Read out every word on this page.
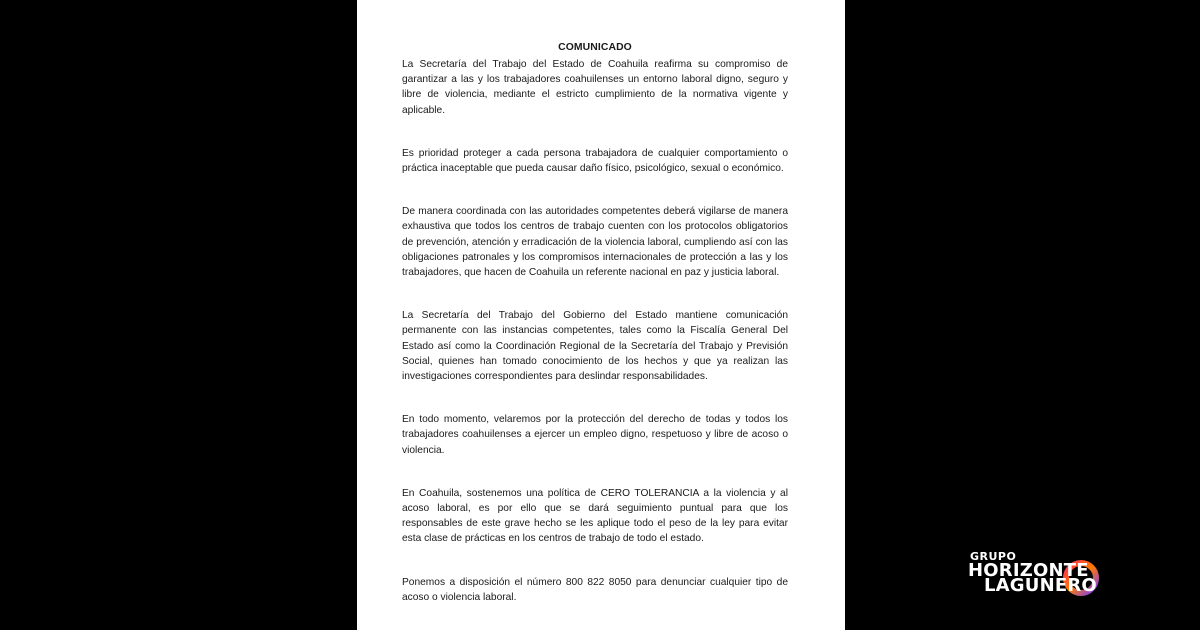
COMUNICADO

La Secretaría del Trabajo del Estado de Coahuila reafirma su compromiso de garantizar a las y los trabajadores coahuilenses un entorno laboral digno, seguro y libre de violencia, mediante el estricto cumplimiento de la normativa vigente y aplicable.

Es prioridad proteger a cada persona trabajadora de cualquier comportamiento o práctica inaceptable que pueda causar daño físico, psicológico, sexual o económico.

De manera coordinada con las autoridades competentes deberá vigilarse de manera exhaustiva que todos los centros de trabajo cuenten con los protocolos obligatorios de prevención, atención y erradicación de la violencia laboral, cumpliendo así con las obligaciones patronales y los compromisos internacionales de protección a las y los trabajadores, que hacen de Coahuila un referente nacional en paz y justicia laboral.

La Secretaría del Trabajo del Gobierno del Estado mantiene comunicación permanente con las instancias competentes, tales como la Fiscalía General Del Estado así como la Coordinación Regional de la Secretaría del Trabajo y Previsión Social, quienes han tomado conocimiento de los hechos y que ya realizan las investigaciones correspondientes para deslindar responsabilidades.

En todo momento, velaremos por la protección del derecho de todas y todos los trabajadores coahuilenses a ejercer un empleo digno, respetuoso y libre de acoso o violencia.

En Coahuila, sostenemos una política de CERO TOLERANCIA a la violencia y al acoso laboral, es por ello que se dará seguimiento puntual para que los responsables de este grave hecho se les aplique todo el peso de la ley para evitar esta clase de prácticas en los centros de trabajo de todo el estado.

Ponemos a disposición el número 800 822 8050 para denunciar cualquier tipo de acoso o violencia laboral.

GRUPO
HORIZONTE
LAGUNERO
